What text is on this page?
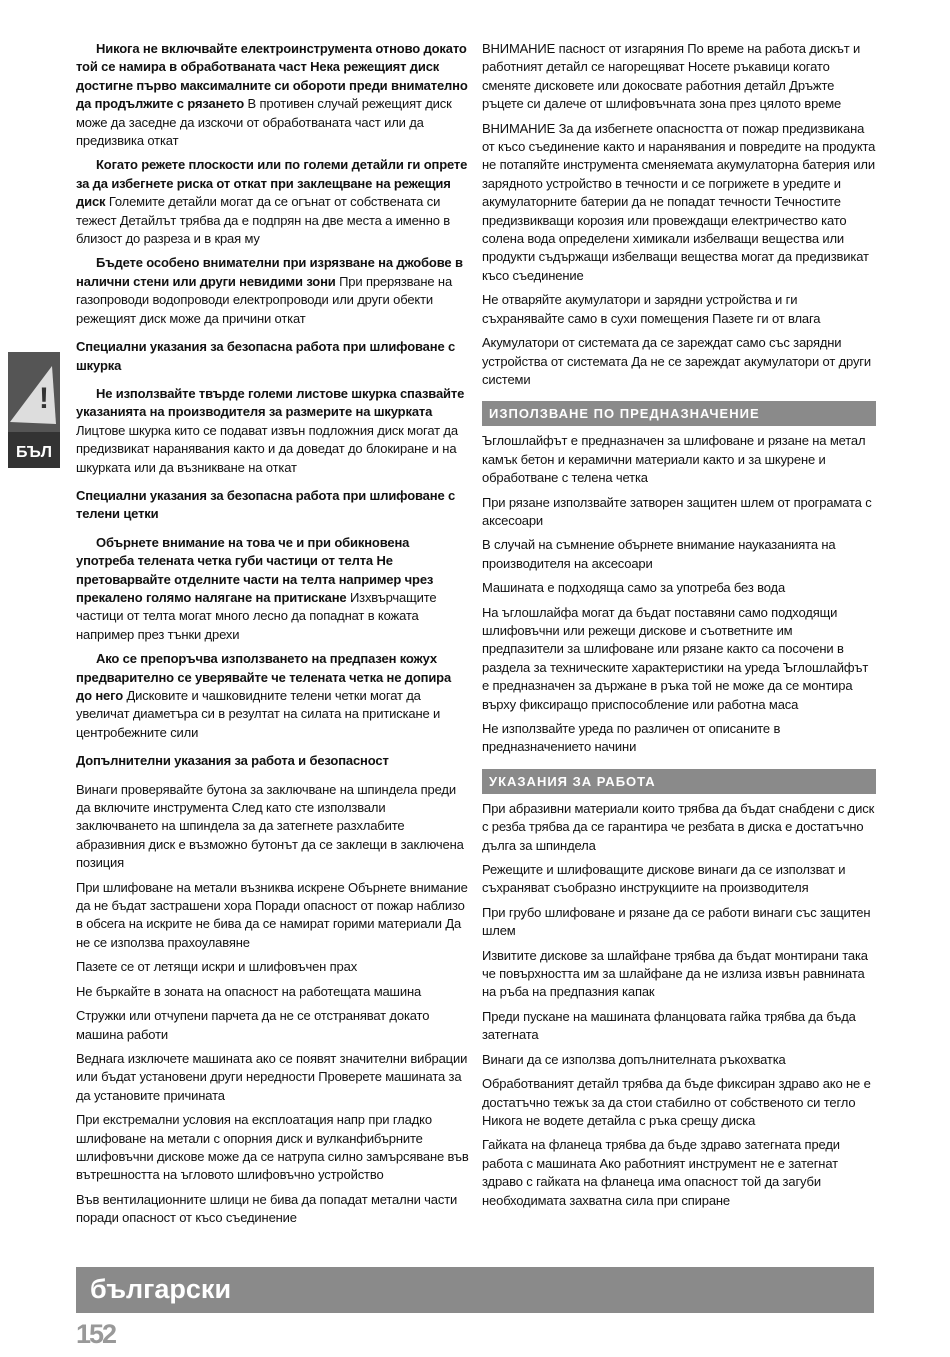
!
БЪЛ

Никога не включвайте електроинструмента отново докато той се намира в обработваната част Нека режещият диск достигне първо максималните си обороти преди внимателно да продължите с рязането В противен случай режещият диск може да заседне да изскочи от обработваната част или да предизвика откат

Когато режете плоскости или по големи детайли ги опрете за да избегнете риска от откат при заклещване на режещия диск Големите детайли могат да се огънат от собствената си тежест Детайлът трябва да е подпрян на две места а именно в близост до разреза и в края му

Бъдете особено внимателни при изрязване на джобове в налични стени или други невидими зони При прерязване на газопроводи водопроводи електропроводи или други обекти режещият диск може да причини откат

Специални указания за безопасна работа при шлифоване с шкурка

Не използвайте твърде големи листове шкурка спазвайте указанията на производителя за размерите на шкурката Лицтове шкурка кито се подават извън подложния диск могат да предизвикат наранявания както и да доведат до блокиране и на шкурката или да възникване на откат

Специални указания за безопасна работа при шлифоване с телени цетки

Обърнете внимание на това че и при обикновена употреба телената четка губи частици от телта Не претоварвайте отделните части на телта например чрез прекалено голямо налягане на притискане Изхвърчащите частици от телта могат много лесно да попаднат в кожата например през тънки дрехи

Ако се препоръчва използването на предпазен кожух предварително се уверявайте че телената четка не допира до него Дисковите и чашковидните телени четки могат да увеличат диаметъра си в резултат на силата на притискане и центробежните сили

Допълнителни указания за работа и безопасност

Винаги проверявайте бутона за заключване на шпиндела преди да включите инструмента След като сте използвали заключването на шпиндела за да затегнете разхлабите абразивния диск е възможно бутонът да се заклещи в заключена позиция

При шлифоване на метали възниква искрене Обърнете внимание да не бъдат застрашени хора Поради опасност от пожар наблизо в обсега на искрите не бива да се намират горими материали Да не се използва прахоулавяне

Пазете се от летящи искри и шлифовъчен прах

Не бъркайте в зоната на опасност на работещата машина

Стружки или отчупени парчета да не се отстраняват докато машина работи

Веднага изключете машината ако се появят значителни вибрации или бъдат установени други нередности Проверете машината за да установите причината

При екстремални условия на експлоатация напр при гладко шлифоване на метали с опорния диск и вулканфибърните шлифовъчни дискове може да се натрупа силно замърсяване във вътрешността на ъгловото шлифовъчно устройство

Във вентилационните шлици не бива да попадат метални части поради опасност от късо съединение

ВНИМАНИЕ пасност от изгаряния По време на работа дискът и работният детайл се нагорещяват Носете ръкавици когато сменяте дисковете или докосвате работния детайл Дръжте ръцете си далече от шлифовъчната зона през цялото време

ВНИМАНИЕ За да избегнете опасността от пожар предизвикана от късо съединение както и наранявания и повредите на продукта не потапяйте инструмента сменяемата акумулаторна батерия или зарядното устройство в течности и се погрижете в уредите и акумулаторните батерии да не попадат течности Течностите предизвикващи корозия или провеждащи електричество като солена вода определени химикали избелващи вещества или продукти съдържащи избелващи вещества могат да предизвикат късо съединение

Не отваряйте акумулатори и зарядни устройства и ги съхранявайте само в сухи помещения Пазете ги от влага

Акумулатори от системата да се зареждат само със зарядни устройства от системата Да не се зареждат акумулатори от други системи

ИЗПОЛЗВАНЕ ПО ПРЕДНАЗНАЧЕНИЕ

Ъглошлайфът е предназначен за шлифоване и рязане на метал камък бетон и керамични материали както и за шкурене и обработване с телена четка

При рязане използвайте затворен защитен шлем от програмата с аксесоари

В случай на съмнение обърнете внимание науказанията на производителя на аксесоари

Машината е подходяща само за употреба без вода

На ъглошлайфа могат да бъдат поставяни само подходящи шлифовъчни или режещи дискове и съответните им предпазители за шлифоване или рязане както са посочени в раздела за техническите характеристики на уреда Ъглошлайфът е предназначен за държане в ръка той не може да се монтира върху фиксиращо приспособление или работна маса

Не използвайте уреда по различен от описаните в предназначението начини

УКАЗАНИЯ ЗА РАБОТА

При абразивни материали които трябва да бъдат снабдени с диск с резба трябва да се гарантира че резбата в диска е достатъчно дълга за шпиндела

Режещите и шлифоващите дискове винаги да се използват и съхраняват съобразно инструкциите на производителя

При грубо шлифоване и рязане да се работи винаги със защитен шлем

Извитите дискове за шлайфане трябва да бъдат монтирани така че повърхността им за шлайфане да не излиза извън равнината на ръба на предпазния капак

Преди пускане на машината фланцовата гайка трябва да бъда затегната

Винаги да се използва допълнителната ръкохватка

Обработваният детайл трябва да бъде фиксиран здраво ако не е достатъчно тежък за да стои стабилно от собственото си тегло Никога не водете детайла с ръка срещу диска

Гайката на фланеца трябва да бъде здраво затегната преди работа с машината Ако работният инструмент не е затегнат здраво с гайката на фланеца има опасност той да загуби необходимата захватна сила при спиране

български
152
